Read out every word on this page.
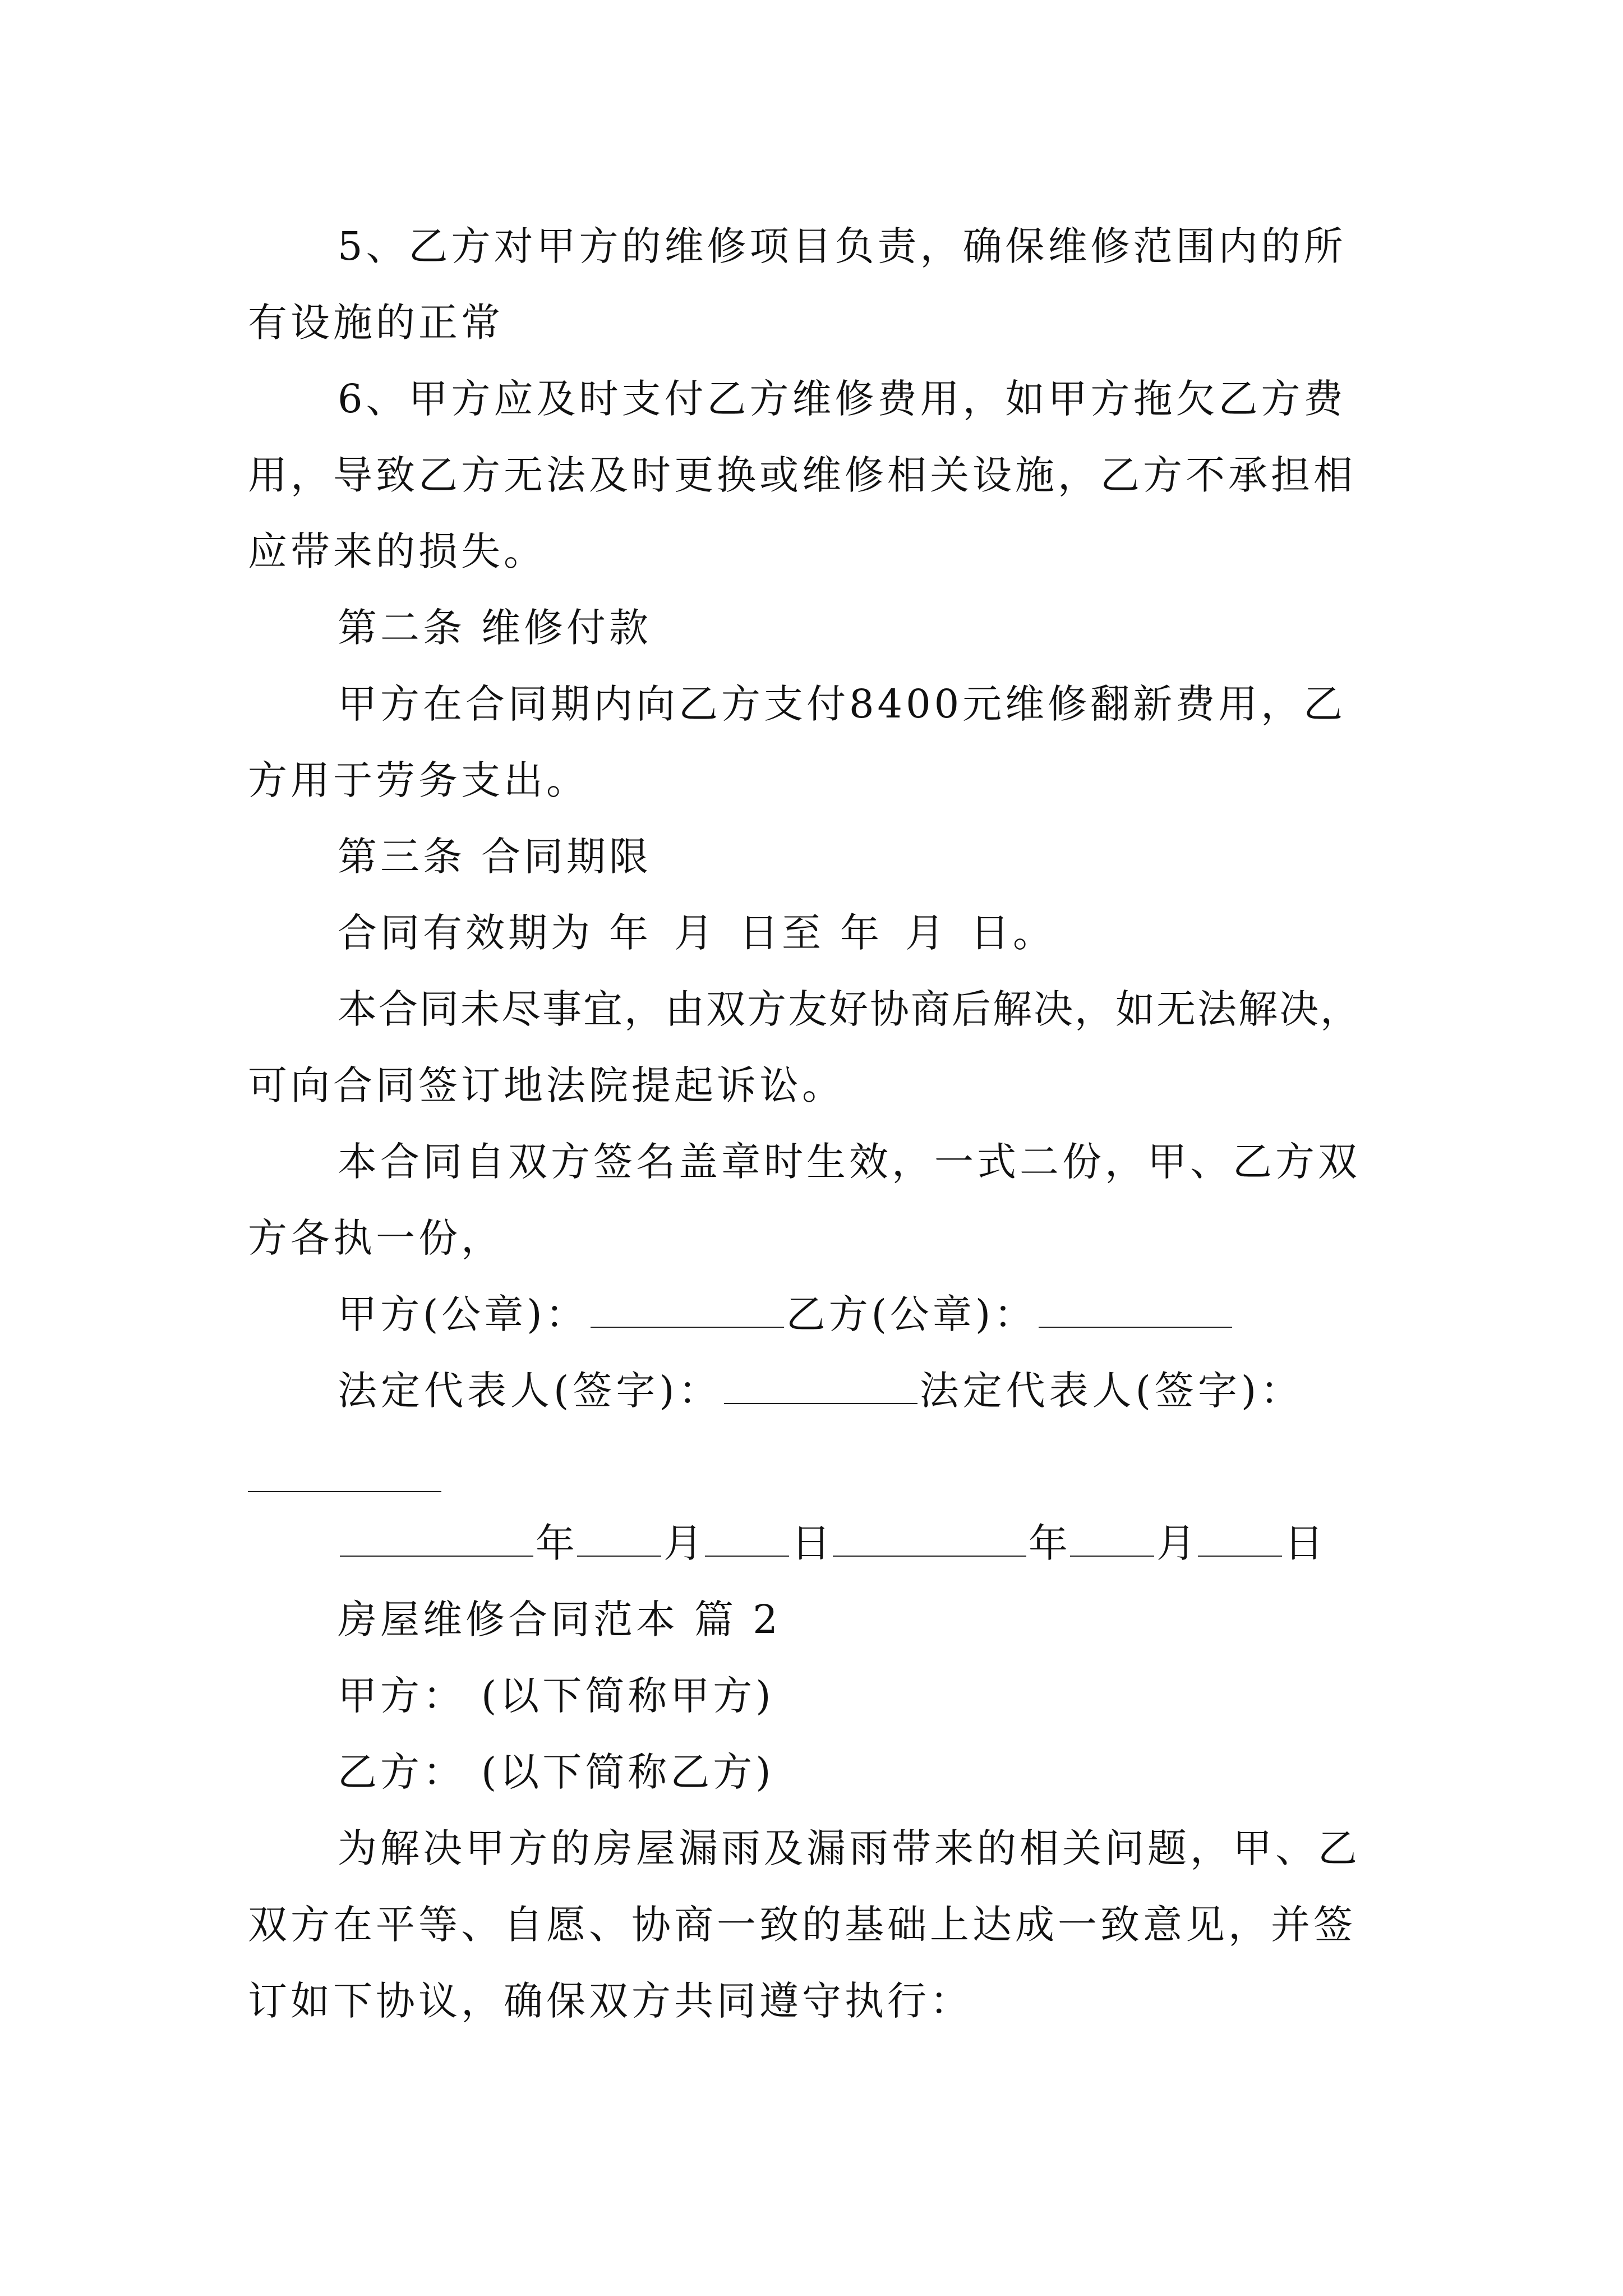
5、乙方对甲方的维修项目负责，确保维修范围内的所
有设施的正常
6、甲方应及时支付乙方维修费用，如甲方拖欠乙方费
用，导致乙方无法及时更换或维修相关设施，乙方不承担相
应带来的损失。
第二条 维修付款
甲方在合同期内向乙方支付8400元维修翻新费用，乙
方用于劳务支出。
第三条 合同期限
合同有效期为 年 月 日至 年 月 日。
本合同未尽事宜，由双方友好协商后解决，如无法解决，
可向合同签订地法院提起诉讼。
本合同自双方签名盖章时生效，一式二份，甲、乙方双
方各执一份，
甲方(公章)：	乙方(公章)：
法定代表人(签字)：	法定代表人(签字)：
年 月 日	年 月 日
房屋维修合同范本 篇 2
甲方： (以下简称甲方)
乙方： (以下简称乙方)
为解决甲方的房屋漏雨及漏雨带来的相关问题，甲、乙
双方在平等、自愿、协商一致的基础上达成一致意见，并签
订如下协议，确保双方共同遵守执行：
